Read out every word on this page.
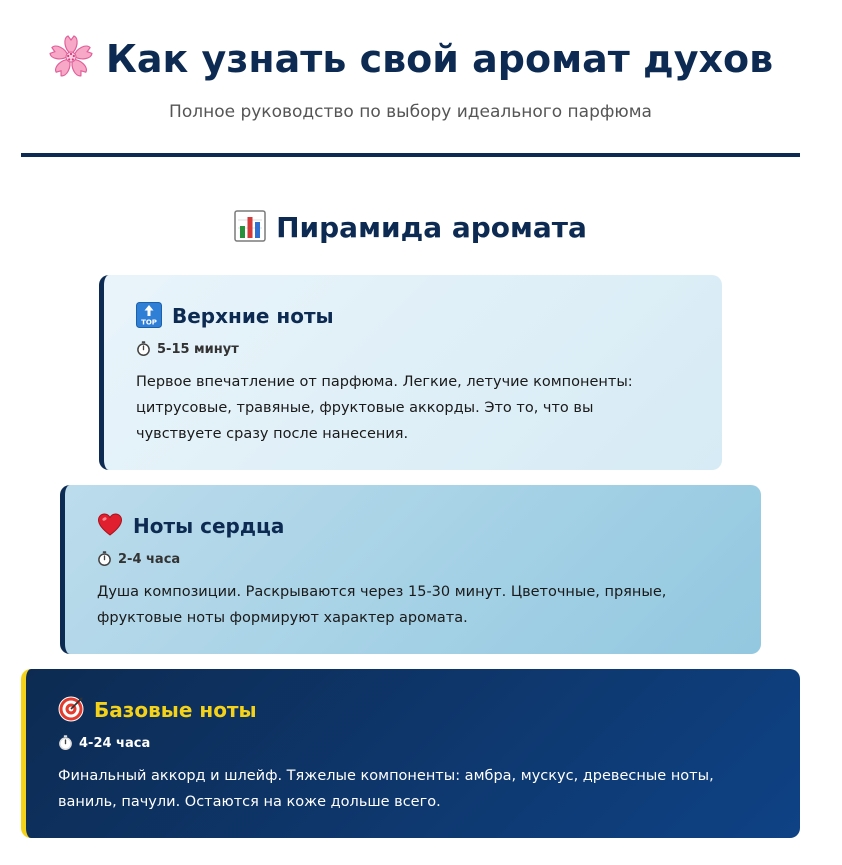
Как узнать свой аромат духов
Полное руководство по выбору идеального парфюма
Пирамида аромата
TOP Верхние ноты
5-15 минут
Первое впечатление от парфюма. Легкие, летучие компоненты: цитрусовые, травяные, фруктовые аккорды. Это то, что вы чувствуете сразу после нанесения.
Ноты сердца
2-4 часа
Душа композиции. Раскрываются через 15-30 минут. Цветочные, пряные, фруктовые ноты формируют характер аромата.
Базовые ноты
4-24 часа
Финальный аккорд и шлейф. Тяжелые компоненты: амбра, мускус, древесные ноты, ваниль, пачули. Остаются на коже дольше всего.
